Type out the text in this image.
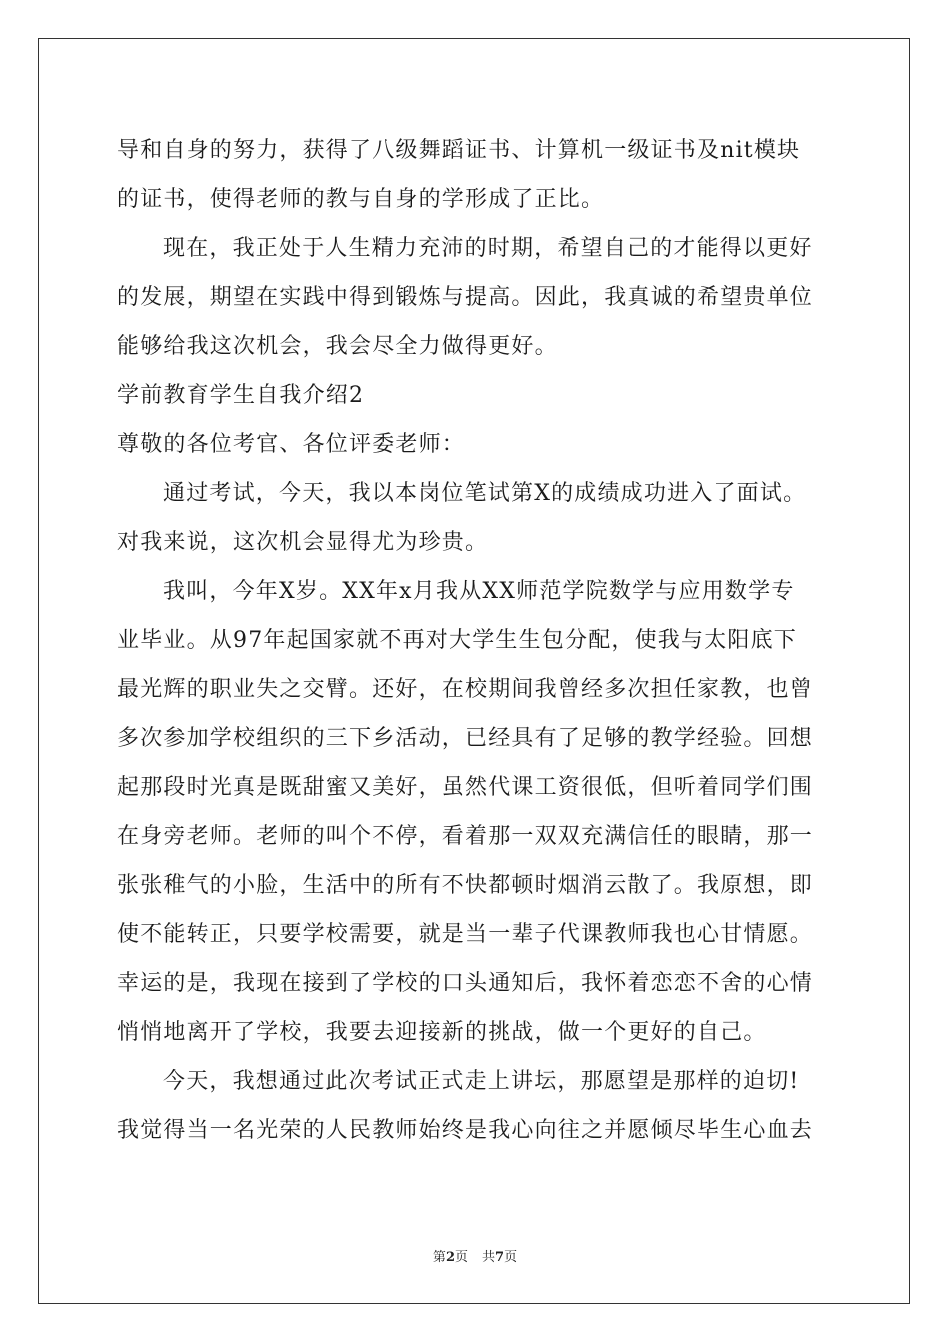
导和自身的努力，获得了八级舞蹈证书、计算机一级证书及nit模块
的证书，使得老师的教与自身的学形成了正比。
现在，我正处于人生精力充沛的时期，希望自己的才能得以更好
的发展，期望在实践中得到锻炼与提高。因此，我真诚的希望贵单位
能够给我这次机会，我会尽全力做得更好。
学前教育学生自我介绍2
尊敬的各位考官、各位评委老师：
通过考试，今天，我以本岗位笔试第X的成绩成功进入了面试。
对我来说，这次机会显得尤为珍贵。
我叫，今年X岁。XX年x月我从XX师范学院数学与应用数学专
业毕业。从97年起国家就不再对大学生生包分配，使我与太阳底下
最光辉的职业失之交臂。还好，在校期间我曾经多次担任家教，也曾
多次参加学校组织的三下乡活动，已经具有了足够的教学经验。回想
起那段时光真是既甜蜜又美好，虽然代课工资很低，但听着同学们围
在身旁老师。老师的叫个不停，看着那一双双充满信任的眼睛，那一
张张稚气的小脸，生活中的所有不快都顿时烟消云散了。我原想，即
使不能转正，只要学校需要，就是当一辈子代课教师我也心甘情愿。
幸运的是，我现在接到了学校的口头通知后，我怀着恋恋不舍的心情
悄悄地离开了学校，我要去迎接新的挑战，做一个更好的自己。
今天，我想通过此次考试正式走上讲坛，那愿望是那样的迫切!
我觉得当一名光荣的人民教师始终是我心向往之并愿倾尽毕生心血去
第2页 共7页
